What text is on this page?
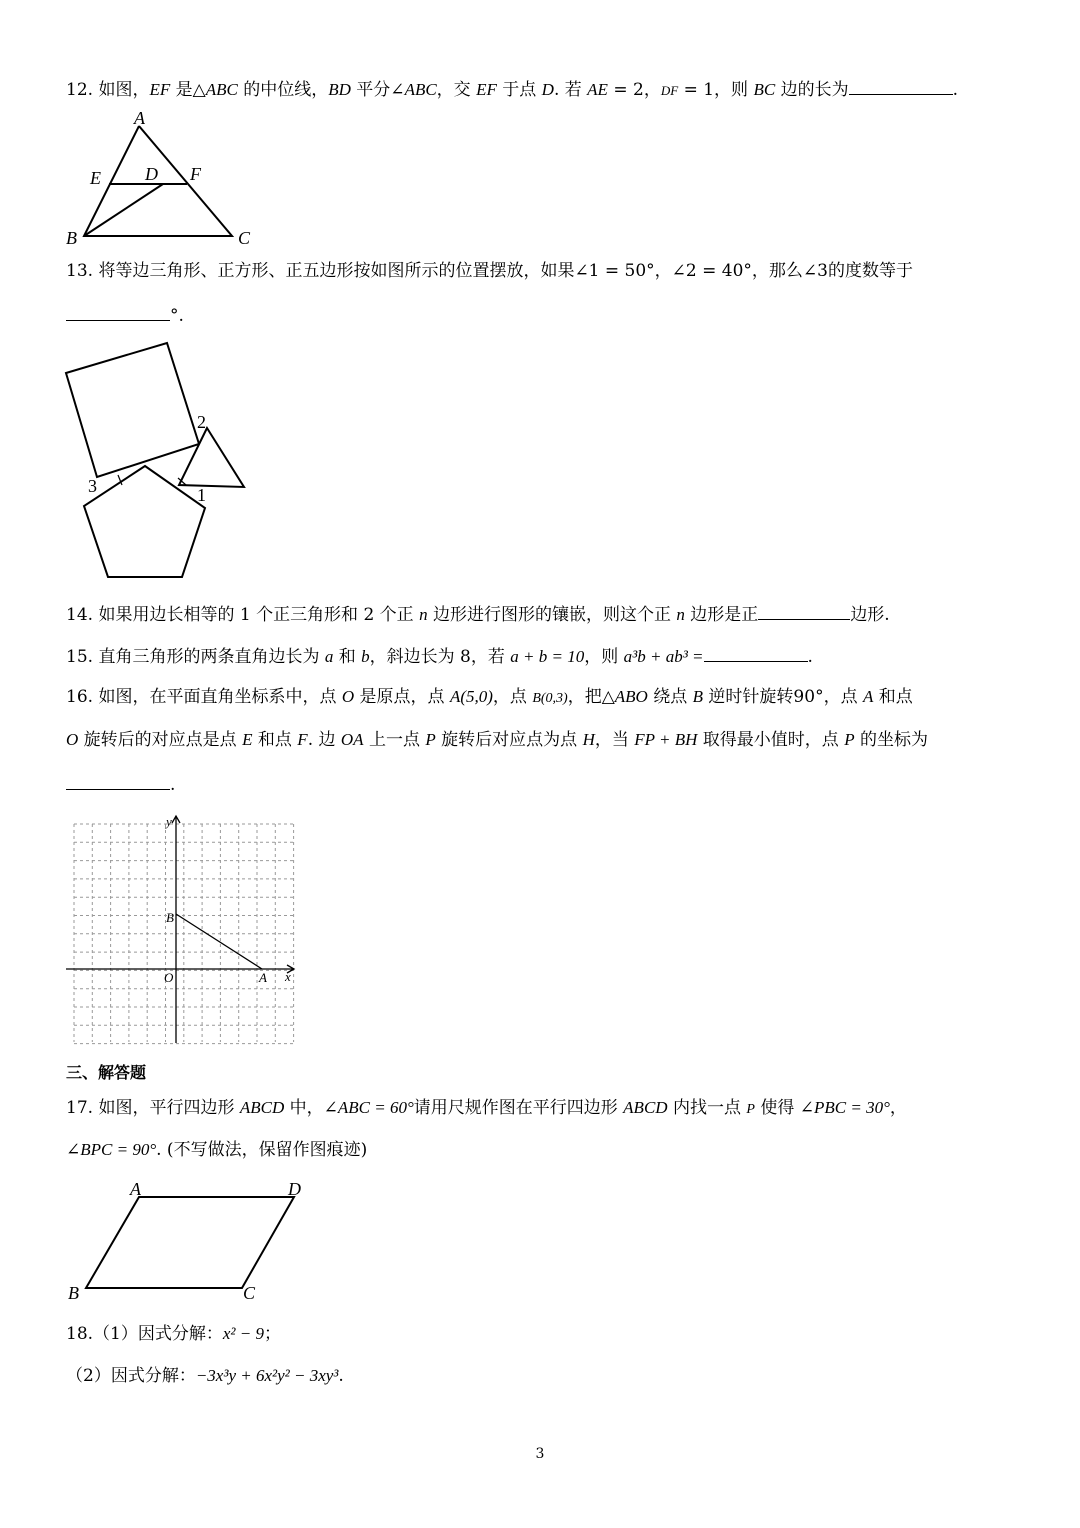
12. 如图，EF 是△ABC 的中位线，BD 平分∠ABC，交 EF 于点 D. 若 AE = 2，DF = 1，则 BC 边的长为	.
A
E D F
B	C
13. 将等边三角形、正方形、正五边形按如图所示的位置摆放，如果∠1 = 50°，∠2 = 40°，那么∠3的度数等于
°.
2
3	1
14. 如果用边长相等的 1 个正三角形和 2 个正 n 边形进行图形的镶嵌，则这个正 n 边形是正	边形.
15. 直角三角形的两条直角边长为 a 和 b，斜边长为 8，若 a + b = 10，则 a³b + ab³ =	.
16. 如图，在平面直角坐标系中，点 O 是原点，点 A(5,0)，点 B(0,3)，把△ABO 绕点 B 逆时针旋转90°，点 A 和点
O 旋转后的对应点是点 E 和点 F. 边 OA 上一点 P 旋转后对应点为点 H，当 FP + BH 取得最小值时，点 P 的坐标为
.
y
x
B
O	A
三、解答题
17. 如图，平行四边形 ABCD 中，∠ABC = 60°请用尺规作图在平行四边形 ABCD 内找一点 P 使得 ∠PBC = 30°，
∠BPC = 90°. (不写做法，保留作图痕迹)
A	D
B	C
18.（1）因式分解：x² − 9；
（2）因式分解：−3x³y + 6x²y² − 3xy³.
3
